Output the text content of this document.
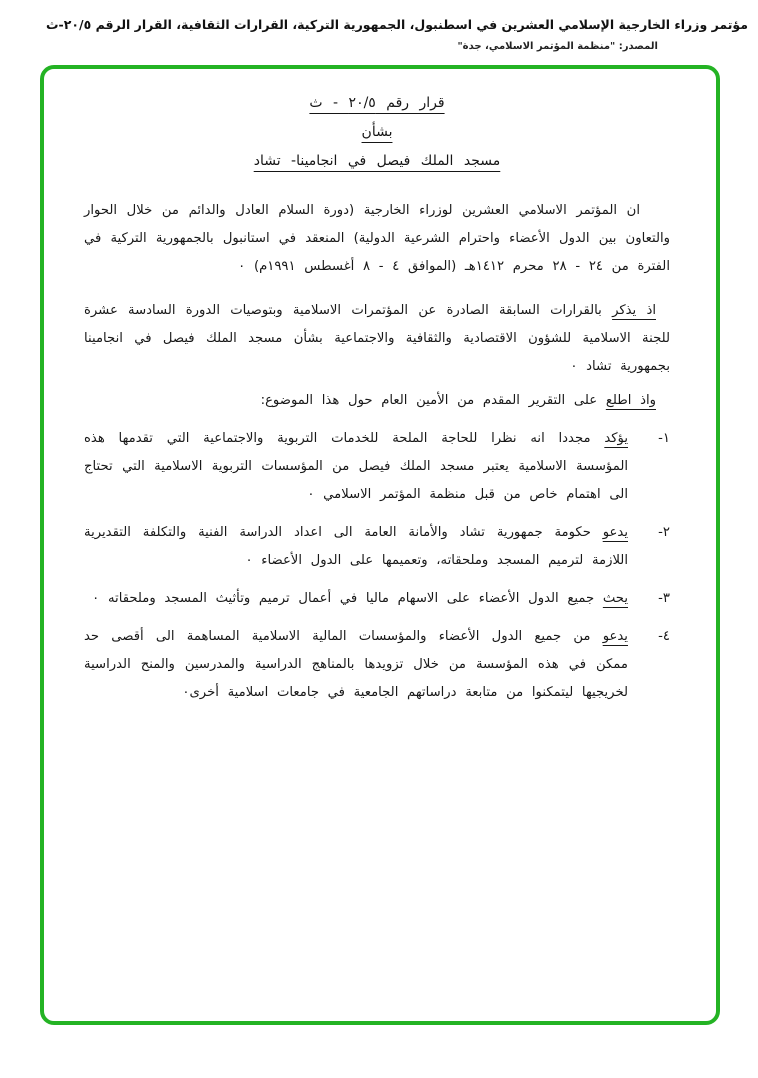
مؤتمر وزراء الخارجية الإسلامي العشرين في اسطنبول، الجمهورية التركية، القرارات الثقافية، القرار الرقم ٢٠/٥-ث
المصدر: "منظمة المؤتمر الاسلامي، جدة"
قرار رقم ٢٠/٥ - ث
بشأن
مسجد الملك فيصل في انجامينا- تشاد

ان المؤتمر الاسلامي العشرين لوزراء الخارجية (دورة السلام العادل والدائم من خلال الحوار والتعاون بين الدول الأعضاء واحترام الشرعية الدولية) المنعقد في استانبول بالجمهورية التركية في الفترة من ٢٤ - ٢٨ محرم ١٤١٢هـ (الموافق ٤ - ٨ أغسطس ١٩٩١م) ٠

اذ يذكر بالقرارات السابقة الصادرة عن المؤتمرات الاسلامية وبتوصيات الدورة السادسة عشرة للجنة الاسلامية للشؤون الاقتصادية والثقافية والاجتماعية بشأن مسجد الملك فيصل في انجامينا بجمهورية تشاد ٠

واذ اطلع على التقرير المقدم من الأمين العام حول هذا الموضوع:

١-

يؤكد مجددا انه نظرا للحاجة الملحة للخدمات التربوية والاجتماعية التي تقدمها هذه المؤسسة الاسلامية يعتبر مسجد الملك فيصل من المؤسسات التربوية الاسلامية التي تحتاج الى اهتمام خاص من قبل منظمة المؤتمر الاسلامي ٠

٢-

يدعو حكومة جمهورية تشاد والأمانة العامة الى اعداد الدراسة الفنية والتكلفة التقديرية اللازمة لترميم المسجد وملحقاته، وتعميمها على الدول الأعضاء ٠

٣-

يحث جميع الدول الأعضاء على الاسهام ماليا في أعمال ترميم وتأثيث المسجد وملحقاته ٠

٤-

يدعو من جميع الدول الأعضاء والمؤسسات المالية الاسلامية المساهمة الى أقصى حد ممكن في هذه المؤسسة من خلال تزويدها بالمناهج الدراسية والمدرسين والمنح الدراسية لخريجيها ليتمكنوا من متابعة دراساتهم الجامعية في جامعات اسلامية أخرى٠
